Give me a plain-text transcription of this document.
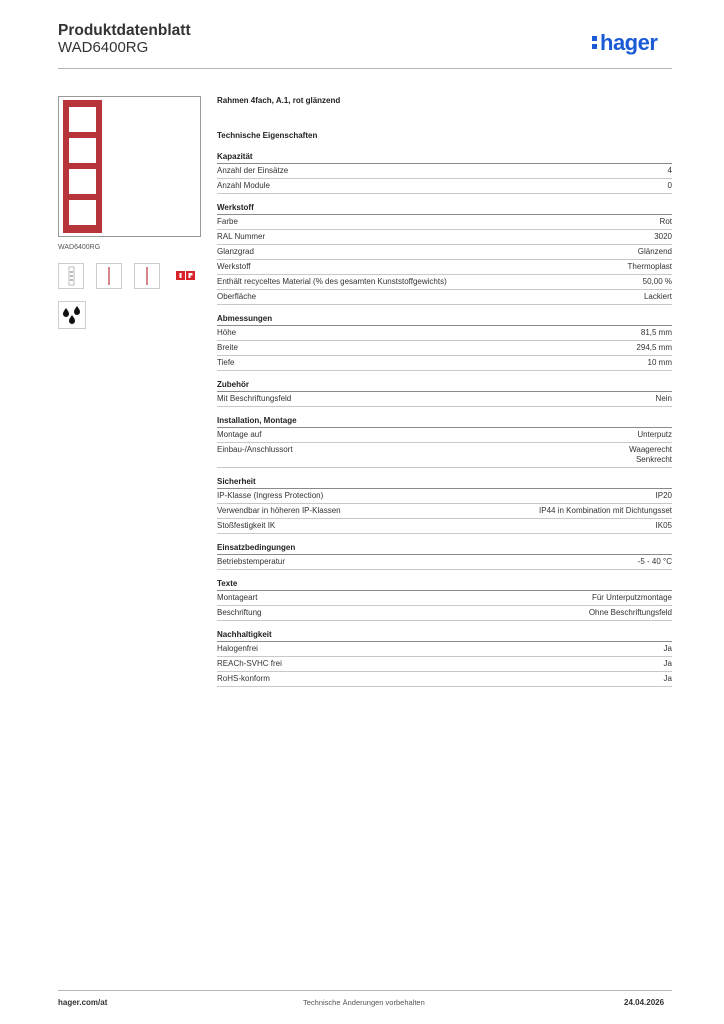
Produktdatenblatt
WAD6400RG	hager
WAD6400RG
Rahmen 4fach, A.1, rot glänzend
Technische Eigenschaften
Kapazität
Anzahl der Einsätze	4
Anzahl Module	0
Werkstoff
Farbe	Rot
RAL Nummer	3020
Glanzgrad	Glänzend
Werkstoff	Thermoplast
Enthält recyceltes Material (% des gesamten Kunststoffgewichts)	50,00 %
Oberfläche	Lackiert
Abmessungen
Höhe	81,5 mm
Breite	294,5 mm
Tiefe	10 mm
Zubehör
Mit Beschriftungsfeld	Nein
Installation, Montage
Montage auf	Unterputz
Einbau-/Anschlussort	Waagerecht
Senkrecht
Sicherheit
IP-Klasse (Ingress Protection)	IP20
Verwendbar in höheren IP-Klassen	IP44 in Kombination mit Dichtungsset
Stoßfestigkeit IK	IK05
Einsatzbedingungen
Betriebstemperatur	-5 - 40 °C
Texte
Montageart	Für Unterputzmontage
Beschriftung	Ohne Beschriftungsfeld
Nachhaltigkeit
Halogenfrei	Ja
REACh-SVHC frei	Ja
RoHS-konform	Ja
hager.com/at	Technische Änderungen vorbehalten	24.04.2026
